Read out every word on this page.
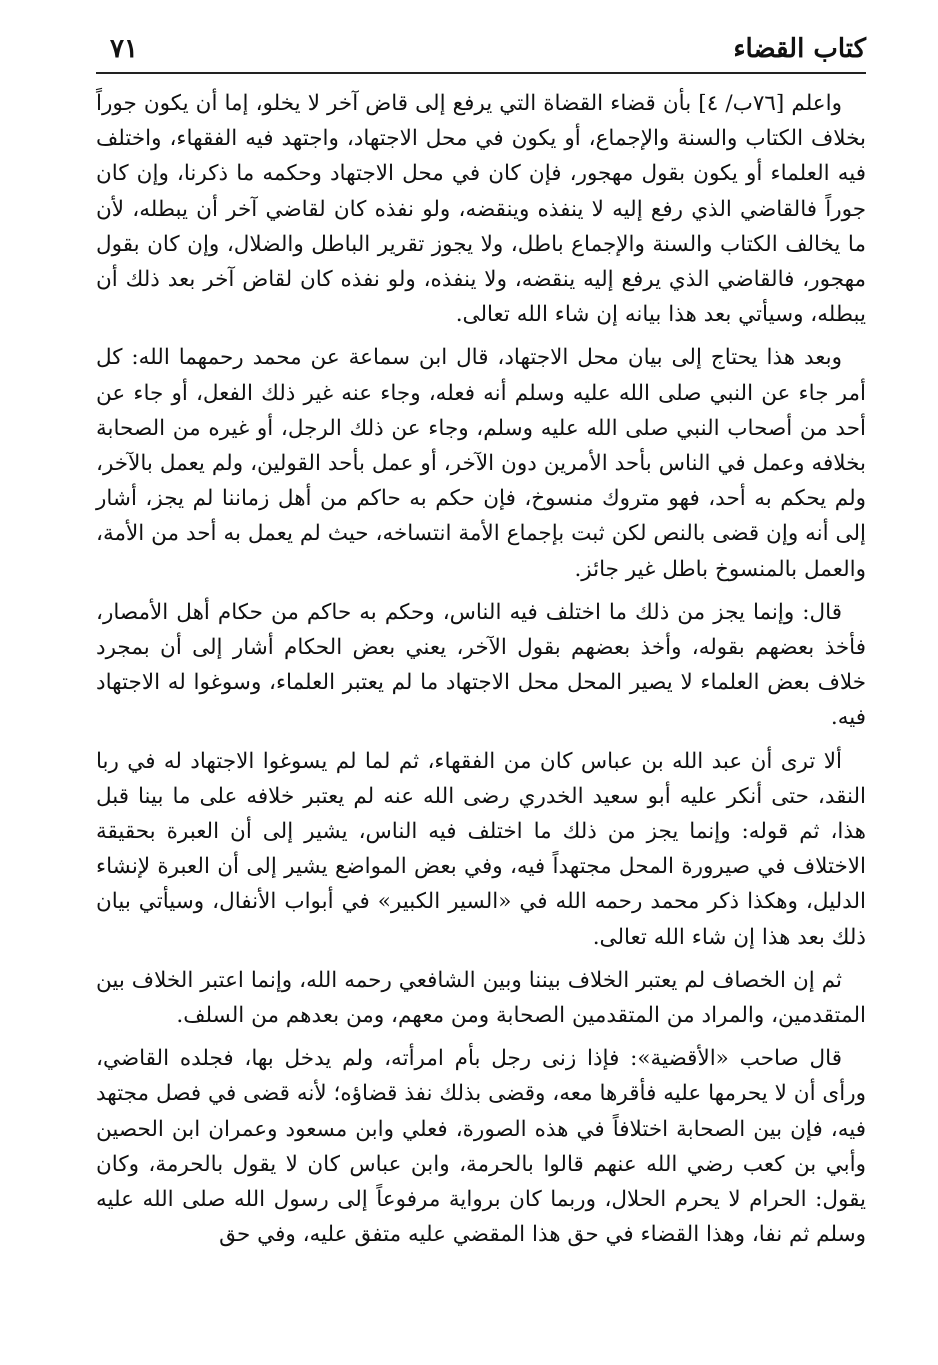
كتاب القضاء
٧١

واعلم [٧٦ب/ ٤] بأن قضاء القضاة التي يرفع إلى قاض آخر لا يخلو، إما أن يكون جوراً بخلاف الكتاب والسنة والإجماع، أو يكون في محل الاجتهاد، واجتهد فيه الفقهاء، واختلف فيه العلماء أو يكون بقول مهجور، فإن كان في محل الاجتهاد وحكمه ما ذكرنا، وإن كان جوراً فالقاضي الذي رفع إليه لا ينفذه وينقضه، ولو نفذه كان لقاضي آخر أن يبطله، لأن ما يخالف الكتاب والسنة والإجماع باطل، ولا يجوز تقرير الباطل والضلال، وإن كان بقول مهجور، فالقاضي الذي يرفع إليه ينقضه، ولا ينفذه، ولو نفذه كان لقاض آخر بعد ذلك أن يبطله، وسيأتي بعد هذا بيانه إن شاء الله تعالى.

وبعد هذا يحتاج إلى بيان محل الاجتهاد، قال ابن سماعة عن محمد رحمهما الله: كل أمر جاء عن النبي صلى الله عليه وسلم أنه فعله، وجاء عنه غير ذلك الفعل، أو جاء عن أحد من أصحاب النبي صلى الله عليه وسلم، وجاء عن ذلك الرجل، أو غيره من الصحابة بخلافه وعمل في الناس بأحد الأمرين دون الآخر، أو عمل بأحد القولين، ولم يعمل بالآخر، ولم يحكم به أحد، فهو متروك منسوخ، فإن حكم به حاكم من أهل زماننا لم يجز، أشار إلى أنه وإن قضى بالنص لكن ثبت بإجماع الأمة انتساخه، حيث لم يعمل به أحد من الأمة، والعمل بالمنسوخ باطل غير جائز.

قال: وإنما يجز من ذلك ما اختلف فيه الناس، وحكم به حاكم من حكام أهل الأمصار، فأخذ بعضهم بقوله، وأخذ بعضهم بقول الآخر، يعني بعض الحكام أشار إلى أن بمجرد خلاف بعض العلماء لا يصير المحل محل الاجتهاد ما لم يعتبر العلماء، وسوغوا له الاجتهاد فيه.

ألا ترى أن عبد الله بن عباس كان من الفقهاء، ثم لما لم يسوغوا الاجتهاد له في ربا النقد، حتى أنكر عليه أبو سعيد الخدري رضى الله عنه لم يعتبر خلافه على ما بينا قبل هذا، ثم قوله: وإنما يجز من ذلك ما اختلف فيه الناس، يشير إلى أن العبرة بحقيقة الاختلاف في صيرورة المحل مجتهداً فيه، وفي بعض المواضع يشير إلى أن العبرة لإنشاء الدليل، وهكذا ذكر محمد رحمه الله في «السير الكبير» في أبواب الأنفال، وسيأتي بيان ذلك بعد هذا إن شاء الله تعالى.

ثم إن الخصاف لم يعتبر الخلاف بيننا وبين الشافعي رحمه الله، وإنما اعتبر الخلاف بين المتقدمين، والمراد من المتقدمين الصحابة ومن معهم، ومن بعدهم من السلف.

قال صاحب «الأقضية»: فإذا زنى رجل بأم امرأته، ولم يدخل بها، فجلده القاضي، ورأى أن لا يحرمها عليه فأقرها معه، وقضى بذلك نفذ قضاؤه؛ لأنه قضى في فصل مجتهد فيه، فإن بين الصحابة اختلافاً في هذه الصورة، فعلي وابن مسعود وعمران ابن الحصين وأبي بن كعب رضي الله عنهم قالوا بالحرمة، وابن عباس كان لا يقول بالحرمة، وكان يقول: الحرام لا يحرم الحلال، وربما كان برواية مرفوعاً إلى رسول الله صلى الله عليه وسلم ثم نفا، وهذا القضاء في حق هذا المقضي عليه متفق عليه، وفي حق
